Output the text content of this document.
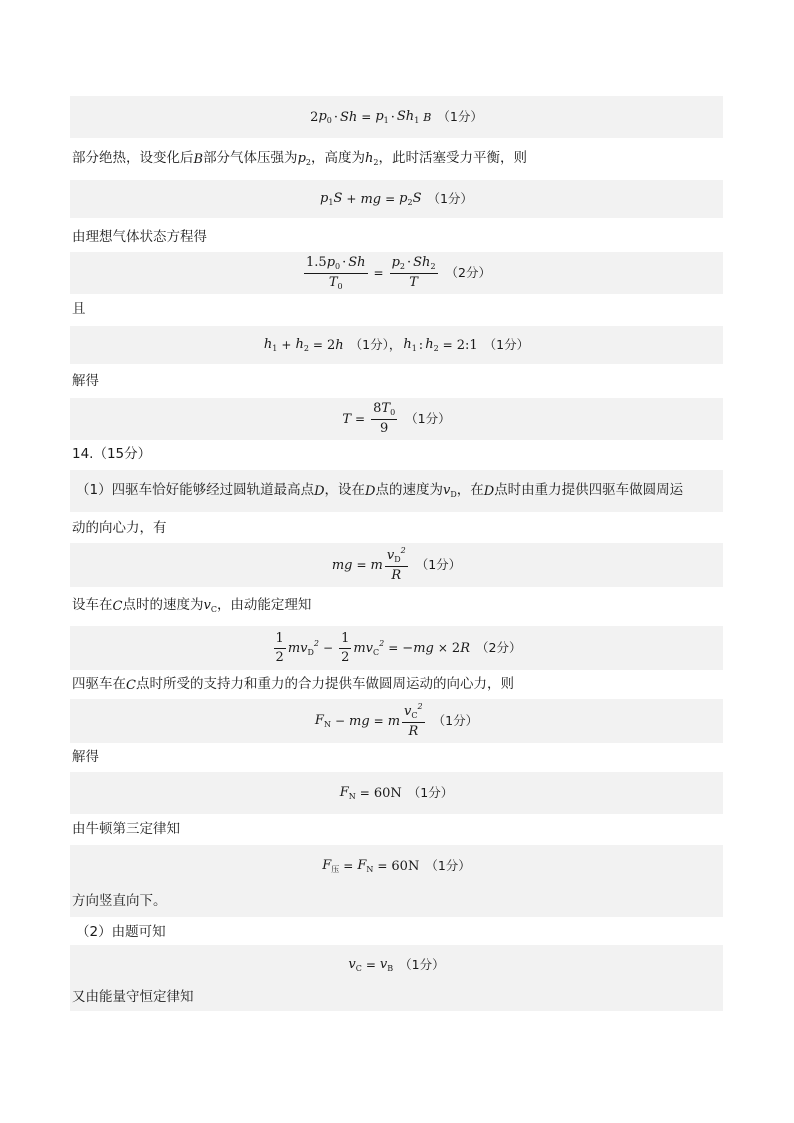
2 $p_0 \cdot Sh = p_1 \cdot Sh_1$ B （1分）
部分绝热，设变化后 B 部分气体压强为 $p_2$ ，高度为 $h_2$ ，此时活塞受力平衡，则
$p_1S$ + mg = $p_2S$ （1分）
由理想气体状态方程得
$\frac{1.5p_0 \cdot Sh}{T_0} = \frac{p_2 \cdot Sh_2}{T} (2$分）
且
$h_1 + h_2 = 2$ h （1分）， $h_1$ : $h_2$ = 2:1 （1分）
解得
$T = \frac{8T_0}{9} (1$分）
14.（15分）
（1）四驱车恰好能够经过圆轨道最高点 D ，设在 D 点的速度为 $v_D$ ，在 D 点时由重力提供四驱车做圆周运
动的向心力，有
mg = m $\frac{v_D^2}{R} (1$分）
设车在 C 点时的速度为 $v_C$ ，由动能定理知
$\frac{1}{2} mv_D^2 - \frac{1}{2} mv_C^2$ = − mg × 2 R （2分）
四驱车在 C 点时所受的支持力和重力的合力提供车做圆周运动的向心力，则
$F_N$ − mg = m $\frac{v_C^2}{R} (1$分）
解得
$F_N = 60N$ （1分）
由牛顿第三定律知
$F_压 = F_N = 60N$ （1分）
方向竖直向下。
（2）由题可知
$v_C = v_B$ （1分）
又由能量守恒定律知
